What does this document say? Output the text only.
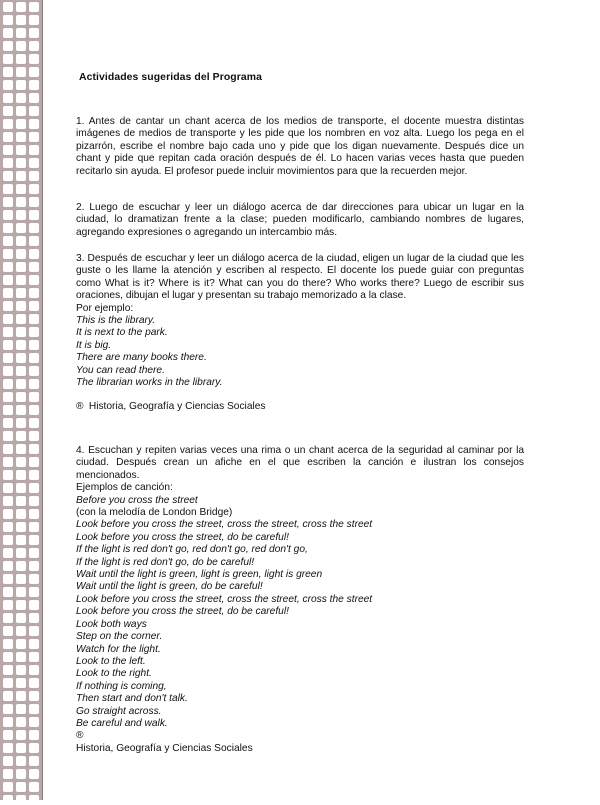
Actividades sugeridas del Programa
1. Antes de cantar un chant acerca de los medios de transporte, el docente muestra distintas imágenes de medios de transporte y les pide que los nombren en voz alta. Luego los pega en el pizarrón, escribe el nombre bajo cada uno y pide que los digan nuevamente. Después dice un chant y pide que repitan cada oración después de él. Lo hacen varias veces hasta que pueden recitarlo sin ayuda. El profesor puede incluir movimientos para que la recuerden mejor.
2. Luego de escuchar y leer un diálogo acerca de dar direcciones para ubicar un lugar en la ciudad, lo dramatizan frente a la clase; pueden modificarlo, cambiando nombres de lugares, agregando expresiones o agregando un intercambio más.
3. Después de escuchar y leer un diálogo acerca de la ciudad, eligen un lugar de la ciudad que les guste o les llame la atención y escriben al respecto. El docente los puede guiar con preguntas como What is it? Where is it? What can you do there? Who works there? Luego de escribir sus oraciones, dibujan el lugar y presentan su trabajo memorizado a la clase.
Por ejemplo:
This is the library.
It is next to the park.
It is big.
There are many books there.
You can read there.
The librarian works in the library.
® Historia, Geografía y Ciencias Sociales
4. Escuchan y repiten varias veces una rima o un chant acerca de la seguridad al caminar por la ciudad. Después crean un afiche en el que escriben la canción e ilustran los consejos mencionados.
Ejemplos de canción:
Before you cross the street
(con la melodía de London Bridge)
Look before you cross the street, cross the street, cross the street
Look before you cross the street, do be careful!
If the light is red don't go, red don't go, red don't go,
If the light is red don't go, do be careful!
Wait until the light is green, light is green, light is green
Wait until the light is green, do be careful!
Look before you cross the street, cross the street, cross the street
Look before you cross the street, do be careful!
Look both ways
Step on the corner.
Watch for the light.
Look to the left.
Look to the right.
If nothing is coming,
Then start and don't talk.
Go straight across.
Be careful and walk.
®
Historia, Geografía y Ciencias Sociales
